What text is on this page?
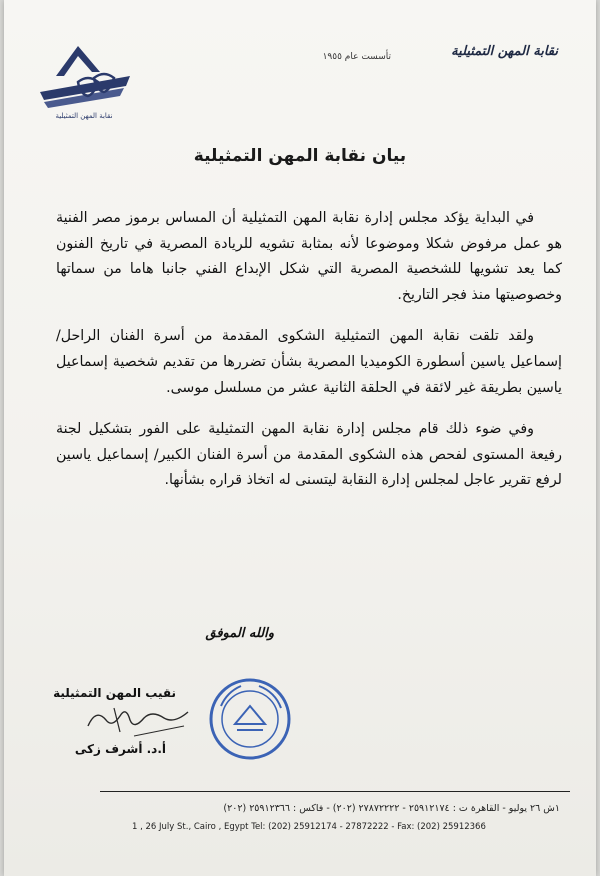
نقابة المهن التمثيلية
تأسست عام ١٩٥٥
نقابة المهن التمثيلية
بيان نقابة المهن التمثيلية

في البداية يؤكد مجلس إدارة نقابة المهن التمثيلية أن المساس برموز مصر الفنية هو عمل مرفوض شكلا وموضوعا لأنه بمثابة تشويه للريادة المصرية في تاريخ الفنون كما يعد تشويها للشخصية المصرية التي شكل الإبداع الفني جانبا هاما من سماتها وخصوصيتها منذ فجر التاريخ.

ولقد تلقت نقابة المهن التمثيلية الشكوى المقدمة من أسرة الفنان الراحل/ إسماعيل ياسين أسطورة الكوميديا المصرية بشأن تضررها من تقديم شخصية إسماعيل ياسين بطريقة غير لائقة في الحلقة الثانية عشر من مسلسل موسى.

وفي ضوء ذلك قام مجلس إدارة نقابة المهن التمثيلية على الفور بتشكيل لجنة رفيعة المستوى لفحص هذه الشكوى المقدمة من أسرة الفنان الكبير/ إسماعيل ياسين لرفع تقرير عاجل لمجلس إدارة النقابة ليتسنى له اتخاذ قراره بشأنها.

والله الموفق
نقيب المهن التمثيلية
أ.د. أشرف زكى
١ش ٢٦ يوليو - القاهرة ت : ٢٥٩١٢١٧٤ - ٢٧٨٧٢٢٢٢ (٢٠٢) - فاكس : ٢٥٩١٢٣٦٦ (٢٠٢)
1 , 26 July St., Cairo , Egypt Tel: (202) 25912174 - 27872222 - Fax: (202) 25912366
